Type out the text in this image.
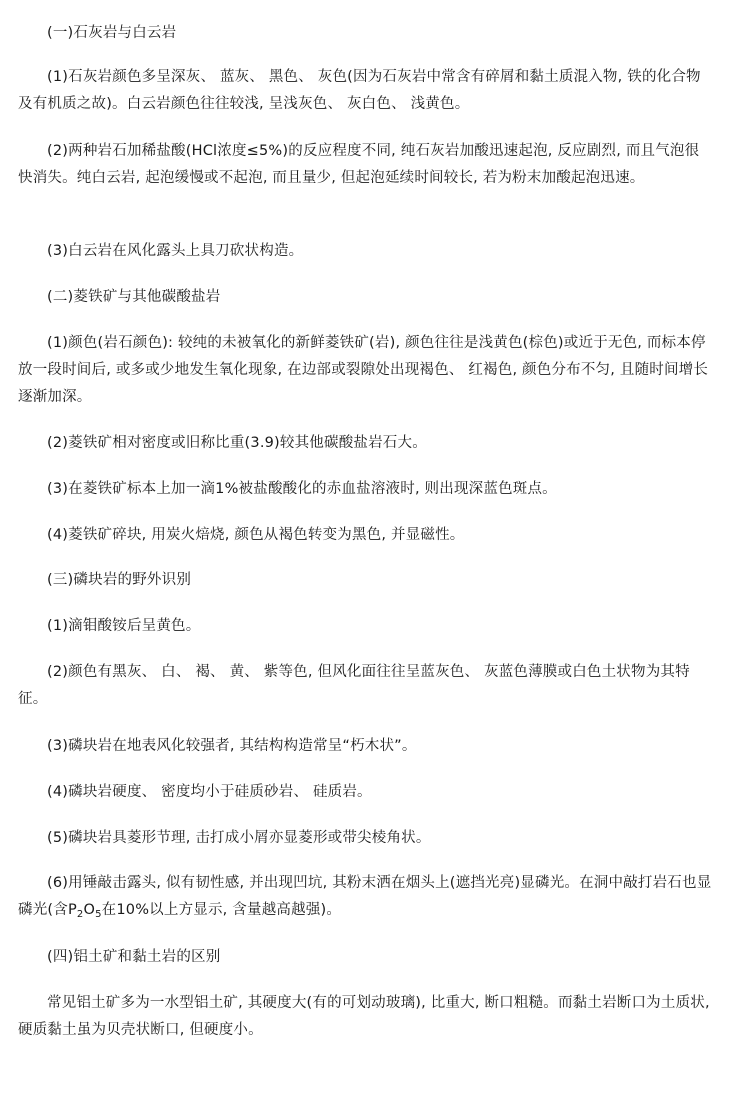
(一)石灰岩与白云岩

(1)石灰岩颜色多呈深灰、 蓝灰、 黑色、 灰色(因为石灰岩中常含有碎屑和黏土质混入物, 铁的化合物及有机质之故)。白云岩颜色往往较浅, 呈浅灰色、 灰白色、 浅黄色。

(2)两种岩石加稀盐酸(HCl浓度≤5%)的反应程度不同, 纯石灰岩加酸迅速起泡, 反应剧烈, 而且气泡很快消失。纯白云岩, 起泡缓慢或不起泡, 而且量少, 但起泡延续时间较长, 若为粉末加酸起泡迅速。

(3)白云岩在风化露头上具刀砍状构造。

(二)菱铁矿与其他碳酸盐岩

(1)颜色(岩石颜色): 较纯的未被氧化的新鲜菱铁矿(岩), 颜色往往是浅黄色(棕色)或近于无色, 而标本停放一段时间后, 或多或少地发生氧化现象, 在边部或裂隙处出现褐色、 红褐色, 颜色分布不匀, 且随时间增长逐渐加深。

(2)菱铁矿相对密度或旧称比重(3.9)较其他碳酸盐岩石大。

(3)在菱铁矿标本上加一滴1%被盐酸酸化的赤血盐溶液时, 则出现深蓝色斑点。

(4)菱铁矿碎块, 用炭火焙烧, 颜色从褐色转变为黑色, 并显磁性。

(三)磷块岩的野外识别

(1)滴钼酸铵后呈黄色。

(2)颜色有黑灰、 白、 褐、 黄、 紫等色, 但风化面往往呈蓝灰色、 灰蓝色薄膜或白色土状物为其特征。

(3)磷块岩在地表风化较强者, 其结构构造常呈“朽木状”。

(4)磷块岩硬度、 密度均小于硅质砂岩、 硅质岩。

(5)磷块岩具菱形节理, 击打成小屑亦显菱形或带尖棱角状。

(6)用锤敲击露头, 似有韧性感, 并出现凹坑, 其粉末洒在烟头上(遮挡光亮)显磷光。在洞中敲打岩石也显磷光(含$P_2O_5$在10%以上方显示, 含量越高越强)。

(四)铝土矿和黏土岩的区别

常见铝土矿多为一水型铝土矿, 其硬度大(有的可划动玻璃), 比重大, 断口粗糙。而黏土岩断口为土质状, 硬质黏土虽为贝壳状断口, 但硬度小。
